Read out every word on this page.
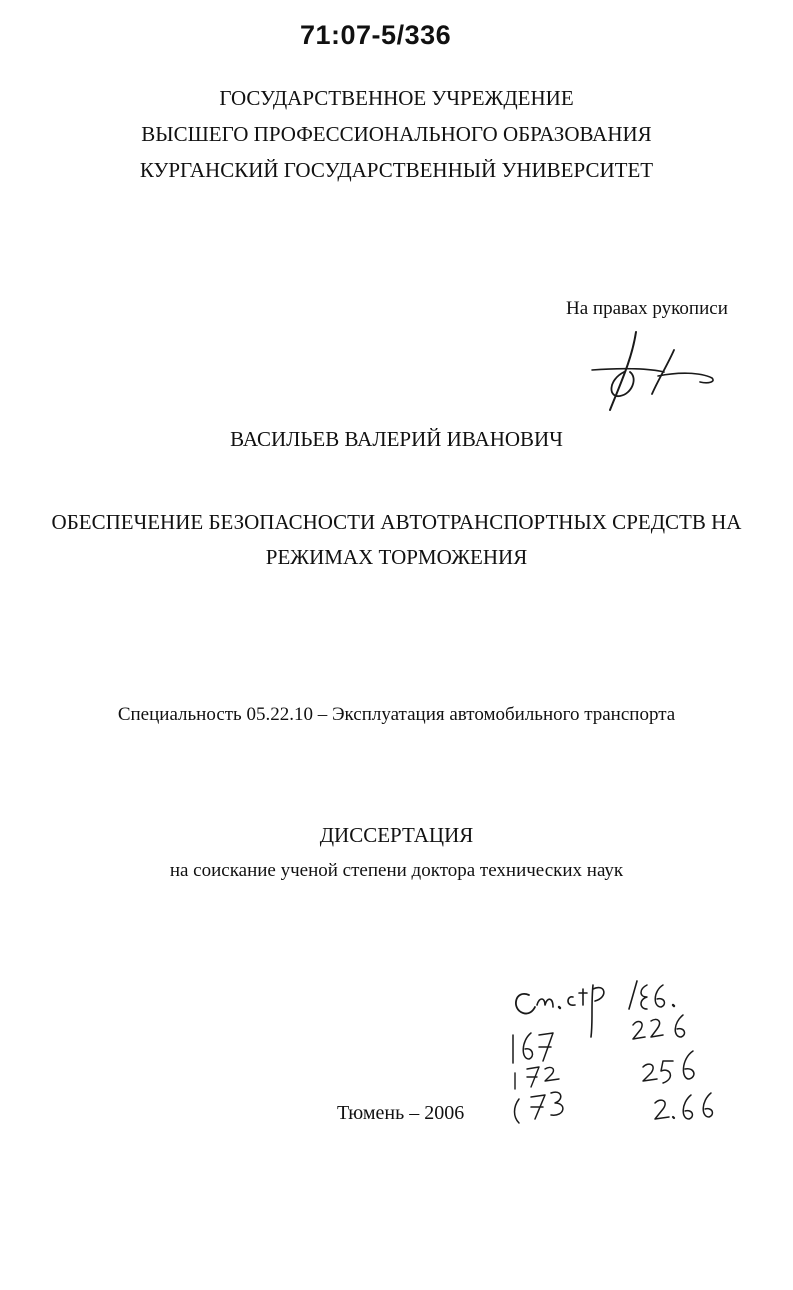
71:07-5/336
ГОСУДАРСТВЕННОЕ УЧРЕЖДЕНИЕ
ВЫСШЕГО ПРОФЕССИОНАЛЬНОГО ОБРАЗОВАНИЯ
КУРГАНСКИЙ ГОСУДАРСТВЕННЫЙ УНИВЕРСИТЕТ
На правах рукописи
ВАСИЛЬЕВ ВАЛЕРИЙ ИВАНОВИЧ
ОБЕСПЕЧЕНИЕ БЕЗОПАСНОСТИ АВТОТРАНСПОРТНЫХ СРЕДСТВ НА
РЕЖИМАХ ТОРМОЖЕНИЯ
Специальность 05.22.10 – Эксплуатация автомобильного транспорта
ДИССЕРТАЦИЯ
на соискание ученой степени доктора технических наук
Тюмень – 2006
